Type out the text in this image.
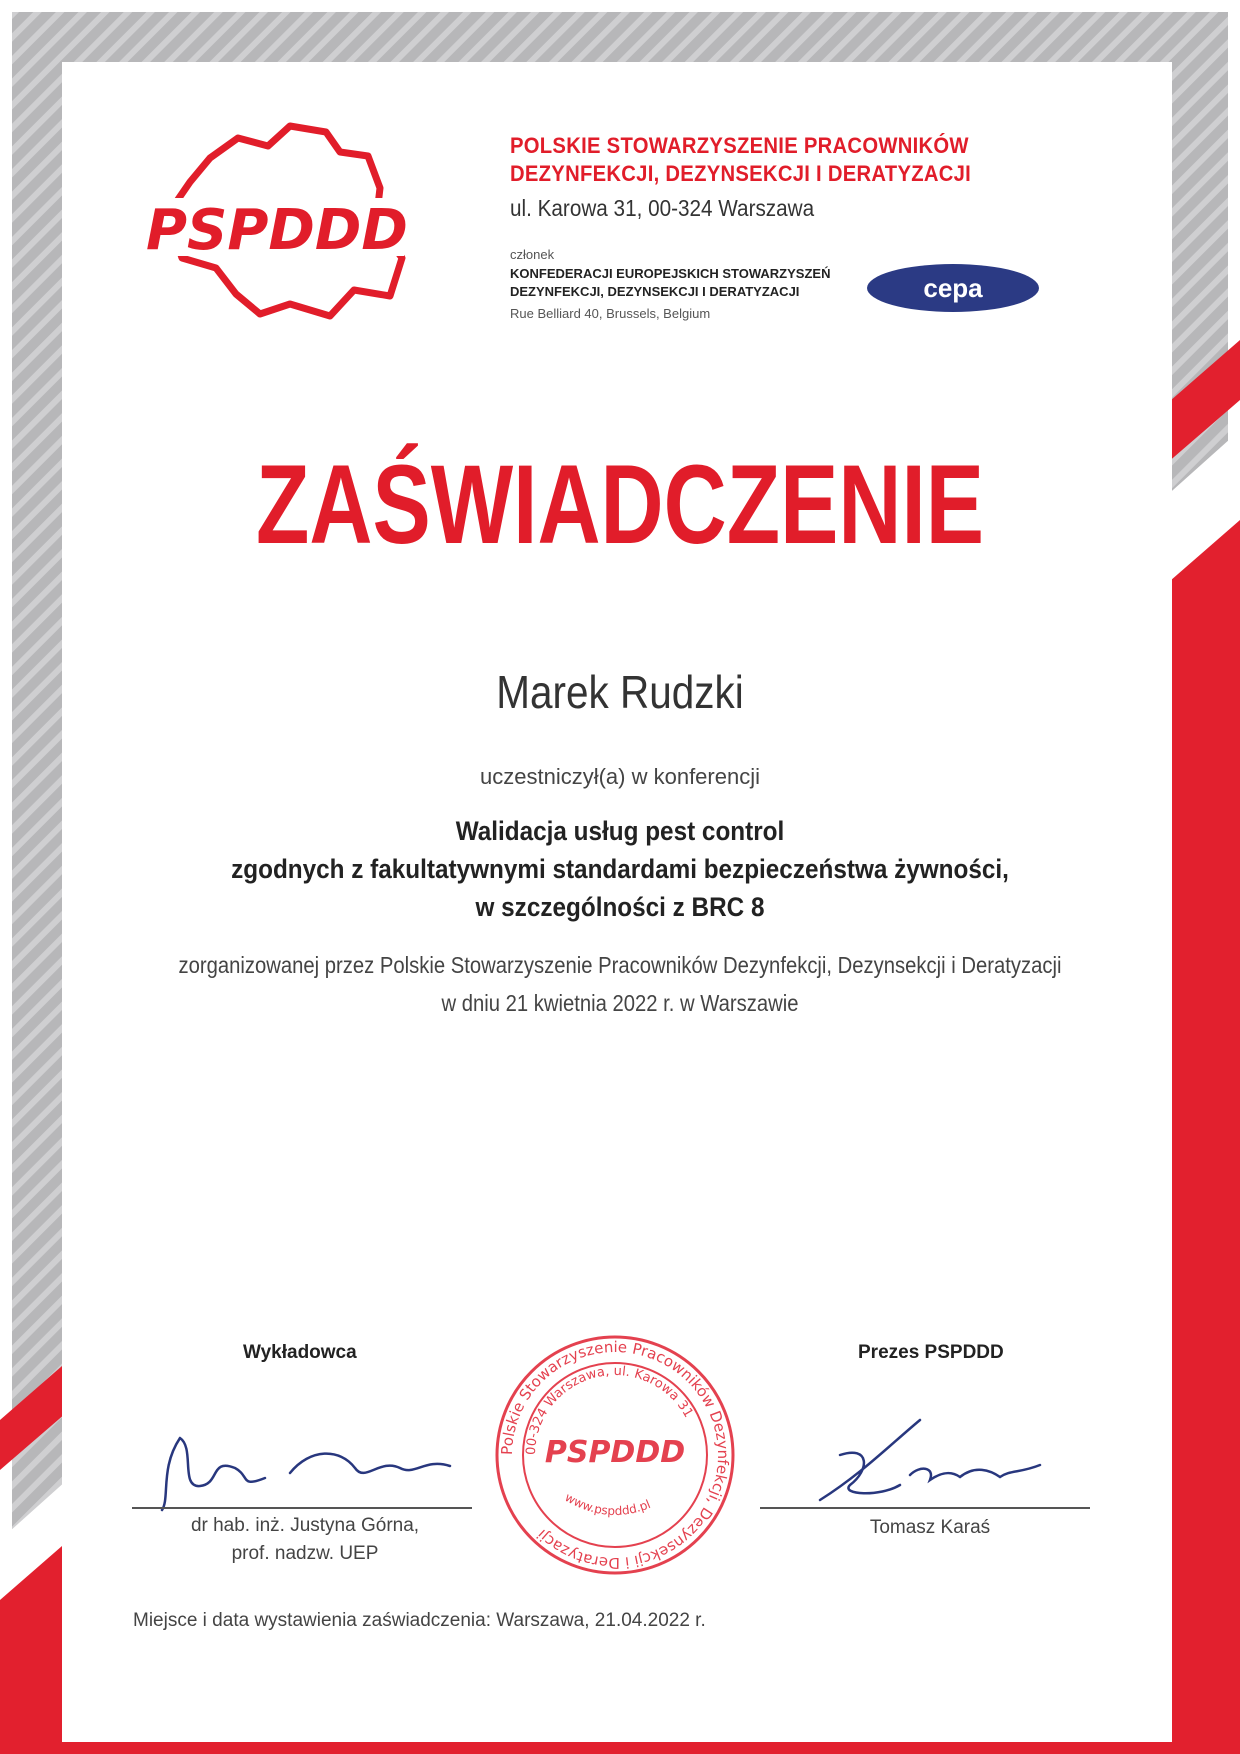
PSPDDD
POLSKIE STOWARZYSZENIE PRACOWNIKÓW
DEZYNFEKCJI, DEZYNSEKCJI I DERATYZACJI
ul. Karowa 31, 00-324 Warszawa
członek
KONFEDERACJI EUROPEJSKICH STOWARZYSZEŃ
DEZYNFEKCJI, DEZYNSEKCJI I DERATYZACJI
Rue Belliard 40, Brussels, Belgium
cepa
ZAŚWIADCZENIE
Marek Rudzki
uczestniczył(a) w konferencji
Walidacja usług pest control
zgodnych z fakultatywnymi standardami bezpieczeństwa żywności,
w szczególności z BRC 8
zorganizowanej przez Polskie Stowarzyszenie Pracowników Dezynfekcji, Dezynsekcji i Deratyzacji
w dniu 21 kwietnia 2022 r. w Warszawie
Wykładowca
dr hab. inż. Justyna Górna,
prof. nadzw. UEP
Polskie Stowarzyszenie Pracowników Dezynfekcji, Dezynsekcji i Deratyzacji
00-324 Warszawa, ul. Karowa 31
www.pspddd.pl
PSPDDD
Prezes PSPDDD
Tomasz Karaś
Miejsce i data wystawienia zaświadczenia: Warszawa, 21.04.2022 r.
